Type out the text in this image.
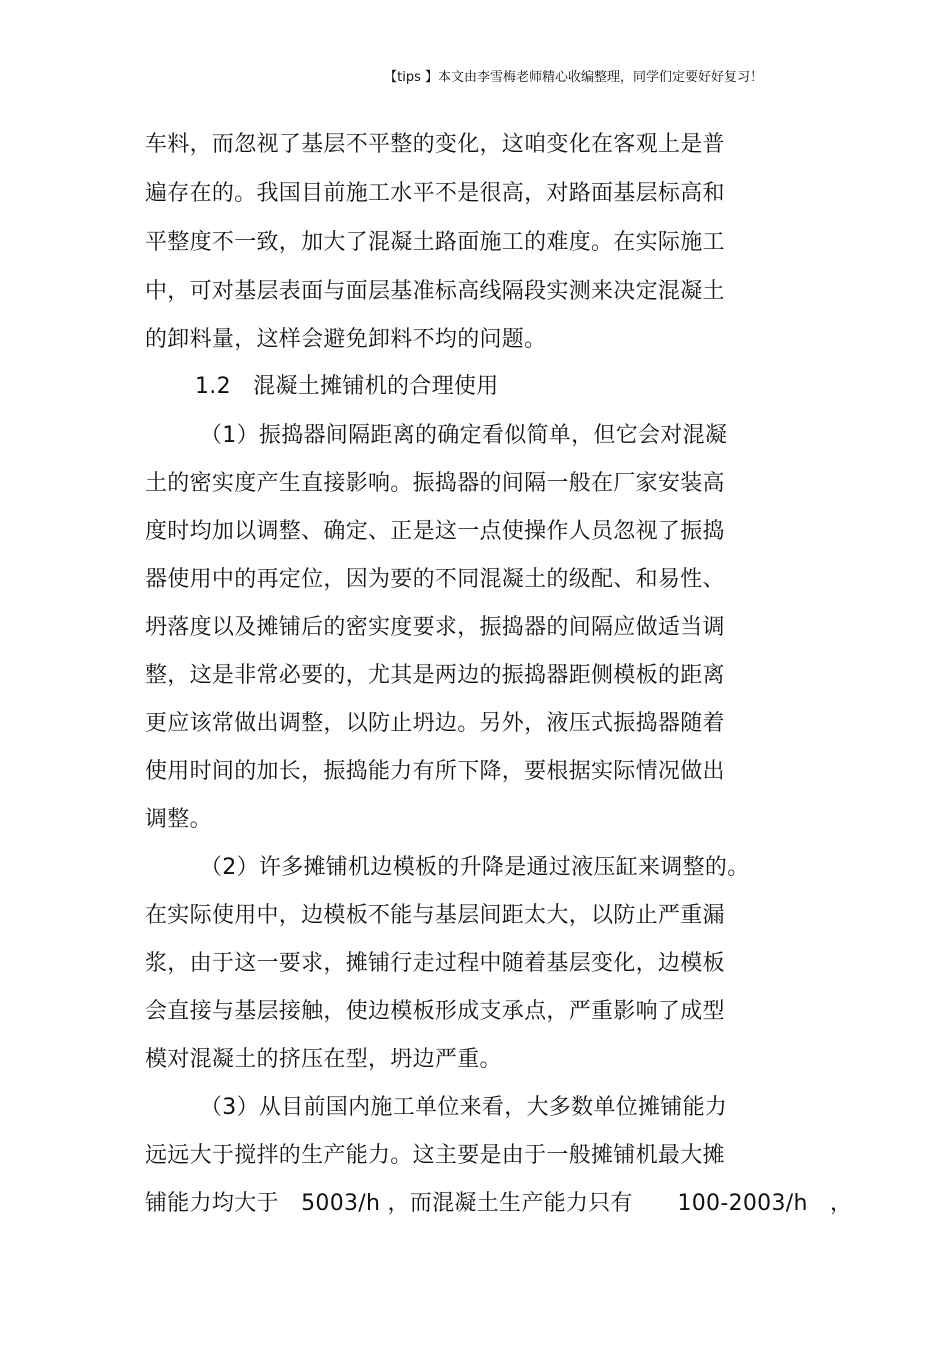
【tips 】本文由李雪梅老师精心收编整理，同学们定要好好复习！
车料，而忽视了基层不平整的变化，这咱变化在客观上是普
遍存在的。我国目前施工水平不是很高，对路面基层标高和
平整度不一致，加大了混凝土路面施工的难度。在实际施工
中，可对基层表面与面层基准标高线隔段实测来决定混凝土
的卸料量，这样会避免卸料不均的问题。
1.2　混凝土摊铺机的合理使用
（1）振捣器间隔距离的确定看似简单，但它会对混凝
土的密实度产生直接影响。振捣器的间隔一般在厂家安装高
度时均加以调整、确定、正是这一点使操作人员忽视了振捣
器使用中的再定位，因为要的不同混凝土的级配、和易性、
坍落度以及摊铺后的密实度要求，振捣器的间隔应做适当调
整，这是非常必要的，尤其是两边的振捣器距侧模板的距离
更应该常做出调整，以防止坍边。另外，液压式振捣器随着
使用时间的加长，振捣能力有所下降，要根据实际情况做出
调整。
（2）许多摊铺机边模板的升降是通过液压缸来调整的。
在实际使用中，边模板不能与基层间距太大，以防止严重漏
浆，由于这一要求，摊铺行走过程中随着基层变化，边模板
会直接与基层接触，使边模板形成支承点，严重影响了成型
模对混凝土的挤压在型，坍边严重。
（3）从目前国内施工单位来看，大多数单位摊铺能力
远远大于搅拌的生产能力。这主要是由于一般摊铺机最大摊
铺能力均大于　5003/h ，而混凝土生产能力只有　　100-2003/h　，
